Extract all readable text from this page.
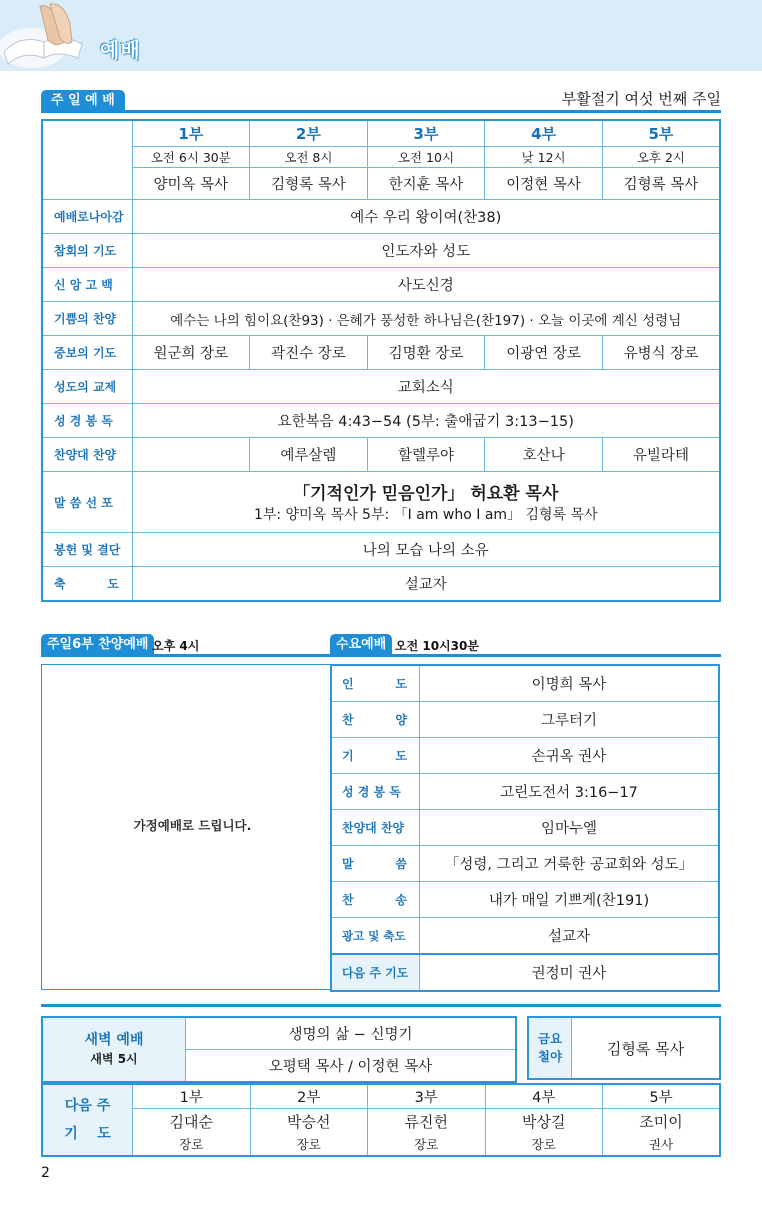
예배
주 일 예 배	부활절기 여섯 번째 주일
	1부	2부	3부	4부	5부
	오전 6시 30분	오전 8시	오전 10시	낮 12시	오후 2시
	양미옥 목사	김형록 목사	한지훈 목사	이정현 목사	김형록 목사
예배로나아감	예수 우리 왕이여(찬38)				
참회의 기도	인도자와 성도				
신 앙 고 백	사도신경				
기쁨의 찬양	예수는 나의 힘이요(찬93) · 은혜가 풍성한 하나님은(찬197) · 오늘 이곳에 계신 성령님				
중보의 기도	원군희 장로	곽진수 장로	김명환 장로	이광연 장로	유병식 장로
성도의 교제	교회소식				
성 경 봉 독	요한복음 4:43−54 (5부: 출애굽기 3:13−15)				
찬양대 찬양		예루살렘	할렐루야	호산나	유빌라테
말 씀 선 포	「기적인가 믿음인가」 허요환 목사
1부: 양미옥 목사 5부: 「I am who I am」 김형록 목사				

봉헌 및 결단	나의 모습 나의 소유				
축          도	설교자				
주일6부 찬양예배 오후 4시
가정예배로 드립니다.
수요예배 오전 10시30분
인          도	이명희 목사
찬          양	그루터기
기          도	손귀옥 권사
성 경 봉 독	고린도전서 3:16−17
찬양대 찬양	임마누엘
말          씀	「성령, 그리고 거룩한 공교회와 성도」
찬          송	내가 매일 기쁘게(찬191)
광고 및 축도	설교자
다음 주 기도	권정미 권사
새벽 예배
새벽 5시
	생명의 삶 − 신명기
오평택 목사 / 이정현 목사
금요
철야	김형록 목사
다음 주
기    도	1부	2부	3부	4부	5부
	김대순	박승선	류진헌	박상길	조미이
	장로	장로	장로	장로	권사
2
